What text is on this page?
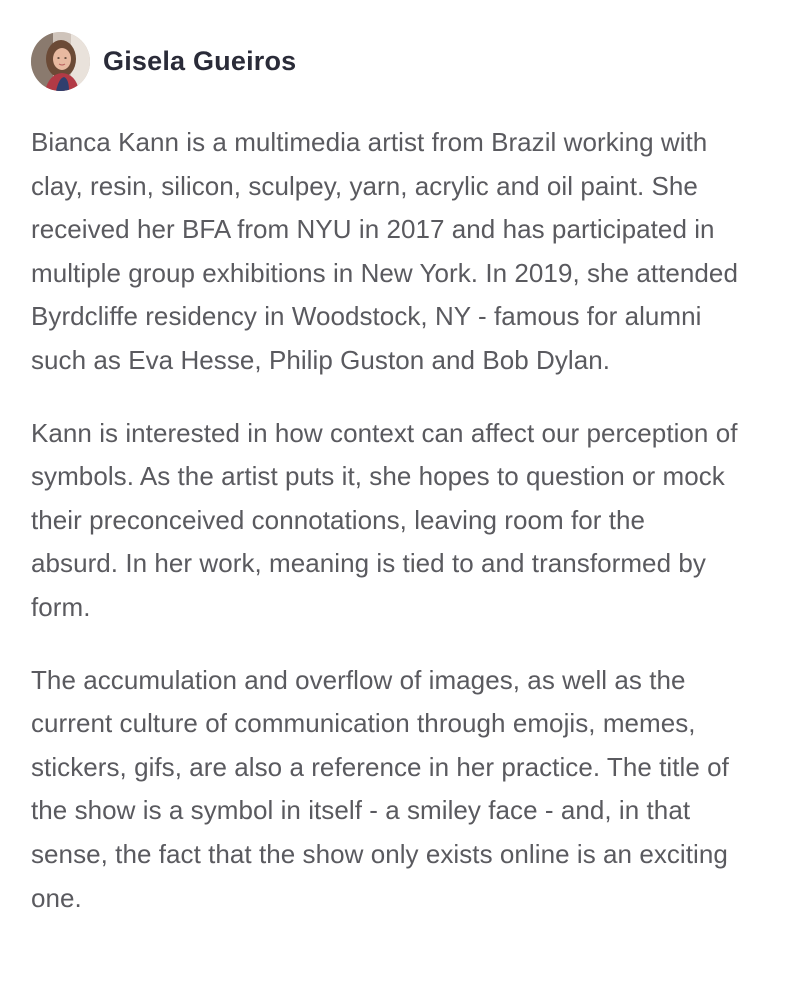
Gisela Gueiros

Bianca Kann is a multimedia artist from Brazil working with clay, resin, silicon, sculpey, yarn, acrylic and oil paint. She received her BFA from NYU in 2017 and has participated in multiple group exhibitions in New York. In 2019, she attended Byrdcliffe residency in Woodstock, NY - famous for alumni such as Eva Hesse, Philip Guston and Bob Dylan.

Kann is interested in how context can affect our perception of symbols. As the artist puts it, she hopes to question or mock their preconceived connotations, leaving room for the absurd. In her work, meaning is tied to and transformed by form.

The accumulation and overflow of images, as well as the current culture of communication through emojis, memes, stickers, gifs, are also a reference in her practice. The title of the show is a symbol in itself - a smiley face - and, in that sense, the fact that the show only exists online is an exciting one.
